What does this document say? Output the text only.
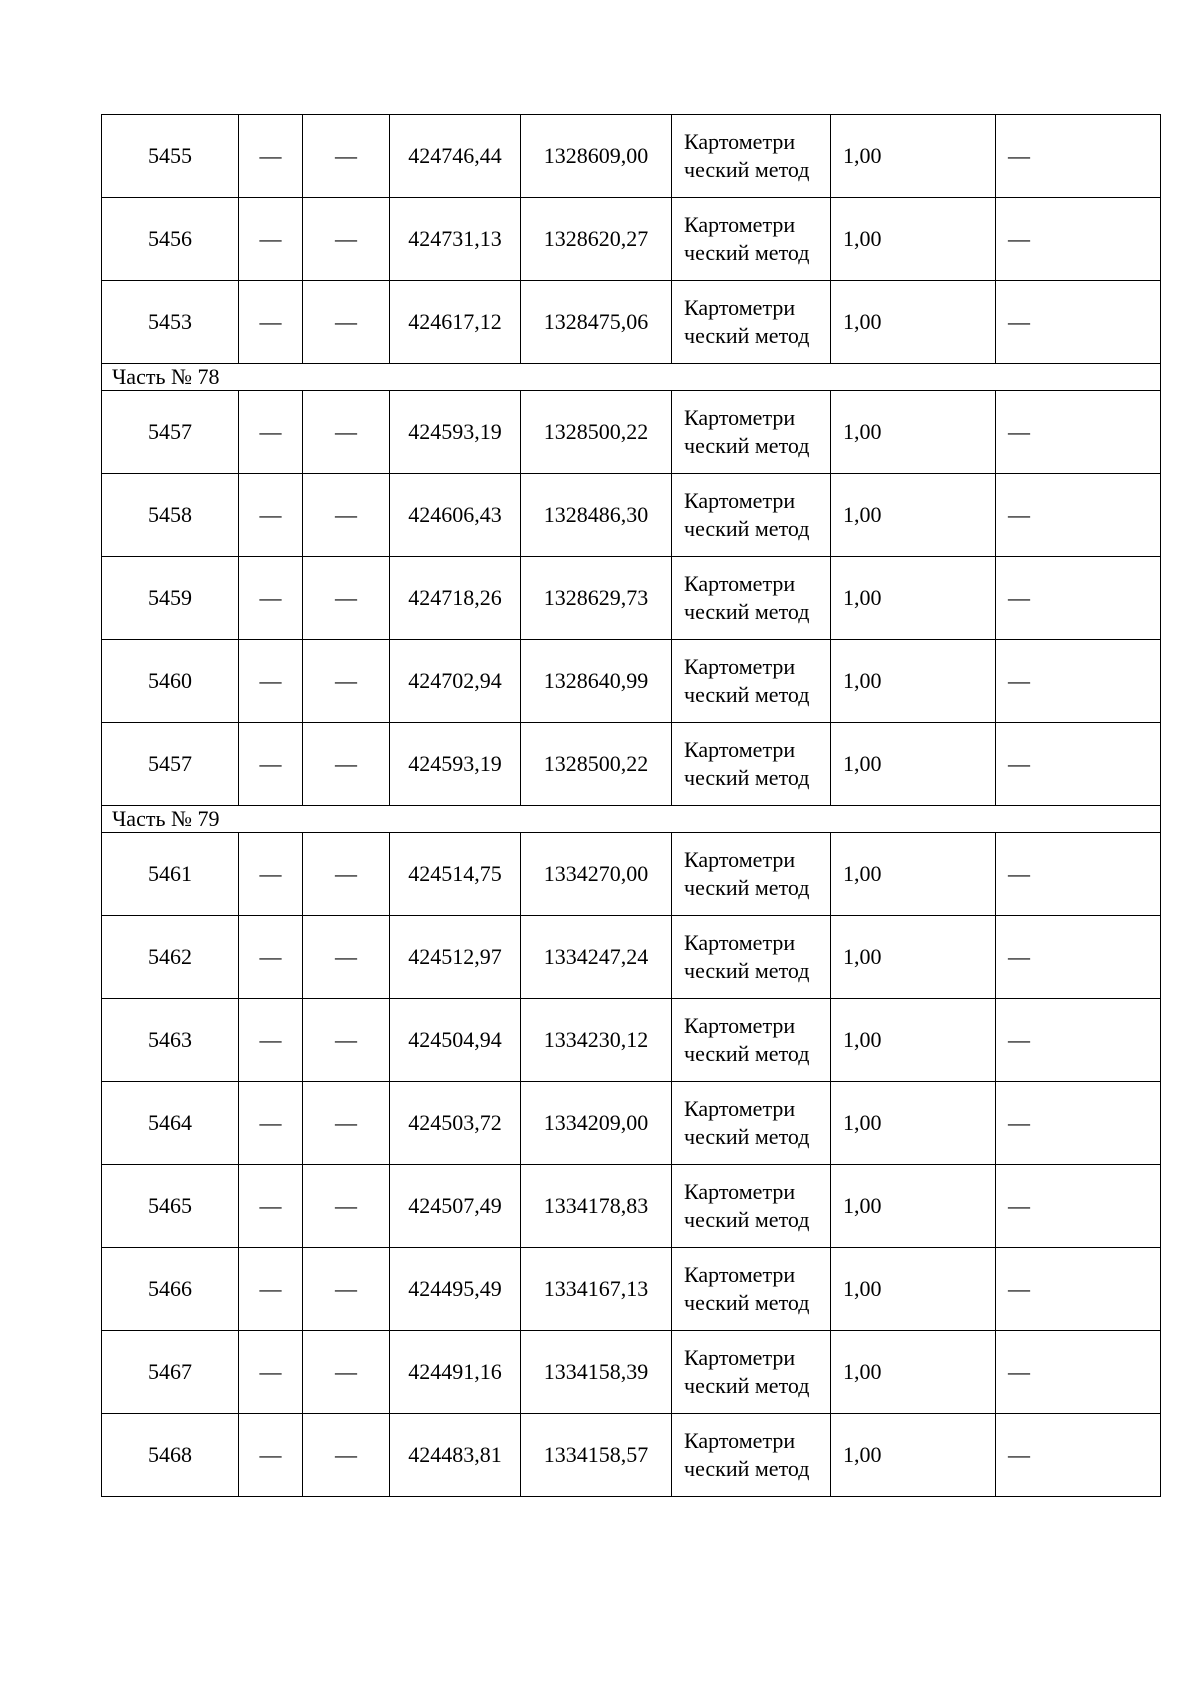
5455	—	—	424746,44	1328609,00	Картометри ческий метод	1,00	—
5456	—	—	424731,13	1328620,27	Картометри ческий метод	1,00	—
5453	—	—	424617,12	1328475,06	Картометри ческий метод	1,00	—
Часть № 78							
5457	—	—	424593,19	1328500,22	Картометри ческий метод	1,00	—
5458	—	—	424606,43	1328486,30	Картометри ческий метод	1,00	—
5459	—	—	424718,26	1328629,73	Картометри ческий метод	1,00	—
5460	—	—	424702,94	1328640,99	Картометри ческий метод	1,00	—
5457	—	—	424593,19	1328500,22	Картометри ческий метод	1,00	—
Часть № 79							
5461	—	—	424514,75	1334270,00	Картометри ческий метод	1,00	—
5462	—	—	424512,97	1334247,24	Картометри ческий метод	1,00	—
5463	—	—	424504,94	1334230,12	Картометри ческий метод	1,00	—
5464	—	—	424503,72	1334209,00	Картометри ческий метод	1,00	—
5465	—	—	424507,49	1334178,83	Картометри ческий метод	1,00	—
5466	—	—	424495,49	1334167,13	Картометри ческий метод	1,00	—
5467	—	—	424491,16	1334158,39	Картометри ческий метод	1,00	—
5468	—	—	424483,81	1334158,57	Картометри ческий метод	1,00	—
